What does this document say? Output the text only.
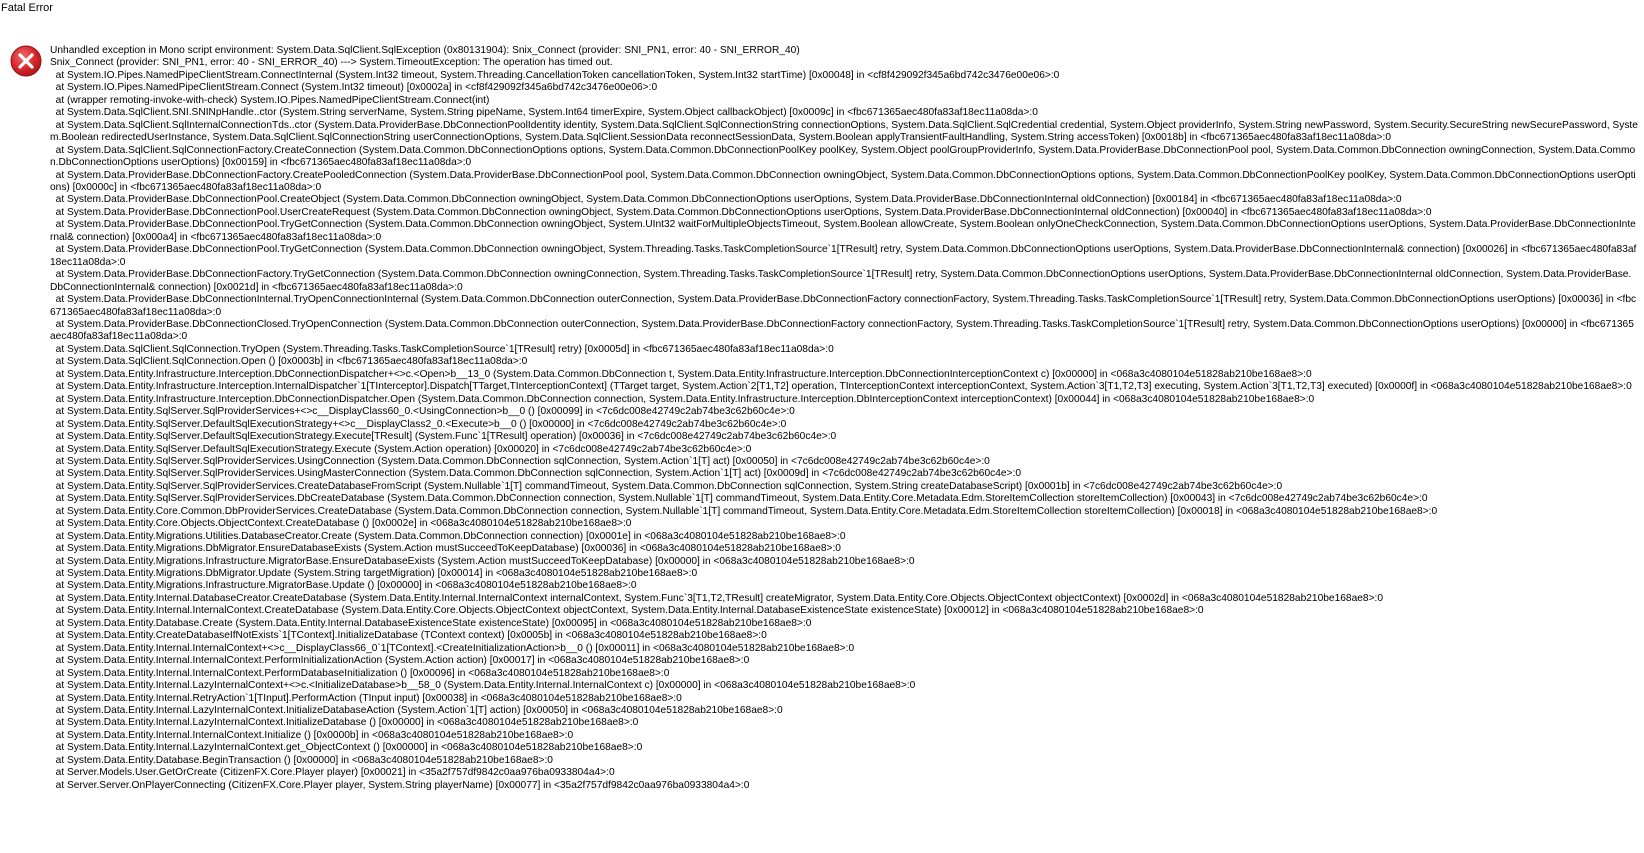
Fatal Error
Unhandled exception in Mono script environment: System.Data.SqlClient.SqlException (0x80131904): Snix_Connect (provider: SNI_PN1, error: 40 - SNI_ERROR_40)
Snix_Connect (provider: SNI_PN1, error: 40 - SNI_ERROR_40) ---> System.TimeoutException: The operation has timed out.
at System.IO.Pipes.NamedPipeClientStream.ConnectInternal (System.Int32 timeout, System.Threading.CancellationToken cancellationToken, System.Int32 startTime) [0x00048] in <cf8f429092f345a6bd742c3476e00e06>:0
at System.IO.Pipes.NamedPipeClientStream.Connect (System.Int32 timeout) [0x0002a] in <cf8f429092f345a6bd742c3476e00e06>:0
at (wrapper remoting-invoke-with-check) System.IO.Pipes.NamedPipeClientStream.Connect(int)
at System.Data.SqlClient.SNI.SNINpHandle..ctor (System.String serverName, System.String pipeName, System.Int64 timerExpire, System.Object callbackObject) [0x0009c] in <fbc671365aec480fa83af18ec11a08da>:0
at System.Data.SqlClient.SqlInternalConnectionTds..ctor (System.Data.ProviderBase.DbConnectionPoolIdentity identity, System.Data.SqlClient.SqlConnectionString connectionOptions, System.Data.SqlClient.SqlCredential credential, System.Object providerInfo, System.String newPassword, System.Security.SecureString newSecurePassword, System.Boolean redirectedUserInstance, System.Data.SqlClient.SqlConnectionString userConnectionOptions, System.Data.SqlClient.SessionData reconnectSessionData, System.Boolean applyTransientFaultHandling, System.String accessToken) [0x0018b] in <fbc671365aec480fa83af18ec11a08da>:0
at System.Data.SqlClient.SqlConnectionFactory.CreateConnection (System.Data.Common.DbConnectionOptions options, System.Data.Common.DbConnectionPoolKey poolKey, System.Object poolGroupProviderInfo, System.Data.ProviderBase.DbConnectionPool pool, System.Data.Common.DbConnection owningConnection, System.Data.Common.DbConnectionOptions userOptions) [0x00159] in <fbc671365aec480fa83af18ec11a08da>:0
at System.Data.ProviderBase.DbConnectionFactory.CreatePooledConnection (System.Data.ProviderBase.DbConnectionPool pool, System.Data.Common.DbConnection owningObject, System.Data.Common.DbConnectionOptions options, System.Data.Common.DbConnectionPoolKey poolKey, System.Data.Common.DbConnectionOptions userOptions) [0x0000c] in <fbc671365aec480fa83af18ec11a08da>:0
at System.Data.ProviderBase.DbConnectionPool.CreateObject (System.Data.Common.DbConnection owningObject, System.Data.Common.DbConnectionOptions userOptions, System.Data.ProviderBase.DbConnectionInternal oldConnection) [0x00184] in <fbc671365aec480fa83af18ec11a08da>:0
at System.Data.ProviderBase.DbConnectionPool.UserCreateRequest (System.Data.Common.DbConnection owningObject, System.Data.Common.DbConnectionOptions userOptions, System.Data.ProviderBase.DbConnectionInternal oldConnection) [0x00040] in <fbc671365aec480fa83af18ec11a08da>:0
at System.Data.ProviderBase.DbConnectionPool.TryGetConnection (System.Data.Common.DbConnection owningObject, System.UInt32 waitForMultipleObjectsTimeout, System.Boolean allowCreate, System.Boolean onlyOneCheckConnection, System.Data.Common.DbConnectionOptions userOptions, System.Data.ProviderBase.DbConnectionInternal& connection) [0x000a4] in <fbc671365aec480fa83af18ec11a08da>:0
at System.Data.ProviderBase.DbConnectionPool.TryGetConnection (System.Data.Common.DbConnection owningObject, System.Threading.Tasks.TaskCompletionSource`1[TResult] retry, System.Data.Common.DbConnectionOptions userOptions, System.Data.ProviderBase.DbConnectionInternal& connection) [0x00026] in <fbc671365aec480fa83af18ec11a08da>:0
at System.Data.ProviderBase.DbConnectionFactory.TryGetConnection (System.Data.Common.DbConnection owningConnection, System.Threading.Tasks.TaskCompletionSource`1[TResult] retry, System.Data.Common.DbConnectionOptions userOptions, System.Data.ProviderBase.DbConnectionInternal oldConnection, System.Data.ProviderBase.DbConnectionInternal& connection) [0x0021d] in <fbc671365aec480fa83af18ec11a08da>:0
at System.Data.ProviderBase.DbConnectionInternal.TryOpenConnectionInternal (System.Data.Common.DbConnection outerConnection, System.Data.ProviderBase.DbConnectionFactory connectionFactory, System.Threading.Tasks.TaskCompletionSource`1[TResult] retry, System.Data.Common.DbConnectionOptions userOptions) [0x00036] in <fbc671365aec480fa83af18ec11a08da>:0
at System.Data.ProviderBase.DbConnectionClosed.TryOpenConnection (System.Data.Common.DbConnection outerConnection, System.Data.ProviderBase.DbConnectionFactory connectionFactory, System.Threading.Tasks.TaskCompletionSource`1[TResult] retry, System.Data.Common.DbConnectionOptions userOptions) [0x00000] in <fbc671365aec480fa83af18ec11a08da>:0
at System.Data.SqlClient.SqlConnection.TryOpen (System.Threading.Tasks.TaskCompletionSource`1[TResult] retry) [0x0005d] in <fbc671365aec480fa83af18ec11a08da>:0
at System.Data.SqlClient.SqlConnection.Open () [0x0003b] in <fbc671365aec480fa83af18ec11a08da>:0
at System.Data.Entity.Infrastructure.Interception.DbConnectionDispatcher+<>c.<Open>b__13_0 (System.Data.Common.DbConnection t, System.Data.Entity.Infrastructure.Interception.DbConnectionInterceptionContext c) [0x00000] in <068a3c4080104e51828ab210be168ae8>:0
at System.Data.Entity.Infrastructure.Interception.InternalDispatcher`1[TInterceptor].Dispatch[TTarget,TInterceptionContext] (TTarget target, System.Action`2[T1,T2] operation, TInterceptionContext interceptionContext, System.Action`3[T1,T2,T3] executing, System.Action`3[T1,T2,T3] executed) [0x0000f] in <068a3c4080104e51828ab210be168ae8>:0
at System.Data.Entity.Infrastructure.Interception.DbConnectionDispatcher.Open (System.Data.Common.DbConnection connection, System.Data.Entity.Infrastructure.Interception.DbInterceptionContext interceptionContext) [0x00044] in <068a3c4080104e51828ab210be168ae8>:0
at System.Data.Entity.SqlServer.SqlProviderServices+<>c__DisplayClass60_0.<UsingConnection>b__0 () [0x00099] in <7c6dc008e42749c2ab74be3c62b60c4e>:0
at System.Data.Entity.SqlServer.DefaultSqlExecutionStrategy+<>c__DisplayClass2_0.<Execute>b__0 () [0x00000] in <7c6dc008e42749c2ab74be3c62b60c4e>:0
at System.Data.Entity.SqlServer.DefaultSqlExecutionStrategy.Execute[TResult] (System.Func`1[TResult] operation) [0x00036] in <7c6dc008e42749c2ab74be3c62b60c4e>:0
at System.Data.Entity.SqlServer.DefaultSqlExecutionStrategy.Execute (System.Action operation) [0x00020] in <7c6dc008e42749c2ab74be3c62b60c4e>:0
at System.Data.Entity.SqlServer.SqlProviderServices.UsingConnection (System.Data.Common.DbConnection sqlConnection, System.Action`1[T] act) [0x00050] in <7c6dc008e42749c2ab74be3c62b60c4e>:0
at System.Data.Entity.SqlServer.SqlProviderServices.UsingMasterConnection (System.Data.Common.DbConnection sqlConnection, System.Action`1[T] act) [0x0009d] in <7c6dc008e42749c2ab74be3c62b60c4e>:0
at System.Data.Entity.SqlServer.SqlProviderServices.CreateDatabaseFromScript (System.Nullable`1[T] commandTimeout, System.Data.Common.DbConnection sqlConnection, System.String createDatabaseScript) [0x0001b] in <7c6dc008e42749c2ab74be3c62b60c4e>:0
at System.Data.Entity.SqlServer.SqlProviderServices.DbCreateDatabase (System.Data.Common.DbConnection connection, System.Nullable`1[T] commandTimeout, System.Data.Entity.Core.Metadata.Edm.StoreItemCollection storeItemCollection) [0x00043] in <7c6dc008e42749c2ab74be3c62b60c4e>:0
at System.Data.Entity.Core.Common.DbProviderServices.CreateDatabase (System.Data.Common.DbConnection connection, System.Nullable`1[T] commandTimeout, System.Data.Entity.Core.Metadata.Edm.StoreItemCollection storeItemCollection) [0x00018] in <068a3c4080104e51828ab210be168ae8>:0
at System.Data.Entity.Core.Objects.ObjectContext.CreateDatabase () [0x0002e] in <068a3c4080104e51828ab210be168ae8>:0
at System.Data.Entity.Migrations.Utilities.DatabaseCreator.Create (System.Data.Common.DbConnection connection) [0x0001e] in <068a3c4080104e51828ab210be168ae8>:0
at System.Data.Entity.Migrations.DbMigrator.EnsureDatabaseExists (System.Action mustSucceedToKeepDatabase) [0x00036] in <068a3c4080104e51828ab210be168ae8>:0
at System.Data.Entity.Migrations.Infrastructure.MigratorBase.EnsureDatabaseExists (System.Action mustSucceedToKeepDatabase) [0x00000] in <068a3c4080104e51828ab210be168ae8>:0
at System.Data.Entity.Migrations.DbMigrator.Update (System.String targetMigration) [0x00014] in <068a3c4080104e51828ab210be168ae8>:0
at System.Data.Entity.Migrations.Infrastructure.MigratorBase.Update () [0x00000] in <068a3c4080104e51828ab210be168ae8>:0
at System.Data.Entity.Internal.DatabaseCreator.CreateDatabase (System.Data.Entity.Internal.InternalContext internalContext, System.Func`3[T1,T2,TResult] createMigrator, System.Data.Entity.Core.Objects.ObjectContext objectContext) [0x0002d] in <068a3c4080104e51828ab210be168ae8>:0
at System.Data.Entity.Internal.InternalContext.CreateDatabase (System.Data.Entity.Core.Objects.ObjectContext objectContext, System.Data.Entity.Internal.DatabaseExistenceState existenceState) [0x00012] in <068a3c4080104e51828ab210be168ae8>:0
at System.Data.Entity.Database.Create (System.Data.Entity.Internal.DatabaseExistenceState existenceState) [0x00095] in <068a3c4080104e51828ab210be168ae8>:0
at System.Data.Entity.CreateDatabaseIfNotExists`1[TContext].InitializeDatabase (TContext context) [0x0005b] in <068a3c4080104e51828ab210be168ae8>:0
at System.Data.Entity.Internal.InternalContext+<>c__DisplayClass66_0`1[TContext].<CreateInitializationAction>b__0 () [0x00011] in <068a3c4080104e51828ab210be168ae8>:0
at System.Data.Entity.Internal.InternalContext.PerformInitializationAction (System.Action action) [0x00017] in <068a3c4080104e51828ab210be168ae8>:0
at System.Data.Entity.Internal.InternalContext.PerformDatabaseInitialization () [0x00096] in <068a3c4080104e51828ab210be168ae8>:0
at System.Data.Entity.Internal.LazyInternalContext+<>c.<InitializeDatabase>b__58_0 (System.Data.Entity.Internal.InternalContext c) [0x00000] in <068a3c4080104e51828ab210be168ae8>:0
at System.Data.Entity.Internal.RetryAction`1[TInput].PerformAction (TInput input) [0x00038] in <068a3c4080104e51828ab210be168ae8>:0
at System.Data.Entity.Internal.LazyInternalContext.InitializeDatabaseAction (System.Action`1[T] action) [0x00050] in <068a3c4080104e51828ab210be168ae8>:0
at System.Data.Entity.Internal.LazyInternalContext.InitializeDatabase () [0x00000] in <068a3c4080104e51828ab210be168ae8>:0
at System.Data.Entity.Internal.InternalContext.Initialize () [0x0000b] in <068a3c4080104e51828ab210be168ae8>:0
at System.Data.Entity.Internal.LazyInternalContext.get_ObjectContext () [0x00000] in <068a3c4080104e51828ab210be168ae8>:0
at System.Data.Entity.Database.BeginTransaction () [0x00000] in <068a3c4080104e51828ab210be168ae8>:0
at Server.Models.User.GetOrCreate (CitizenFX.Core.Player player) [0x00021] in <35a2f757df9842c0aa976ba0933804a4>:0
at Server.Server.OnPlayerConnecting (CitizenFX.Core.Player player, System.String playerName) [0x00077] in <35a2f757df9842c0aa976ba0933804a4>:0
